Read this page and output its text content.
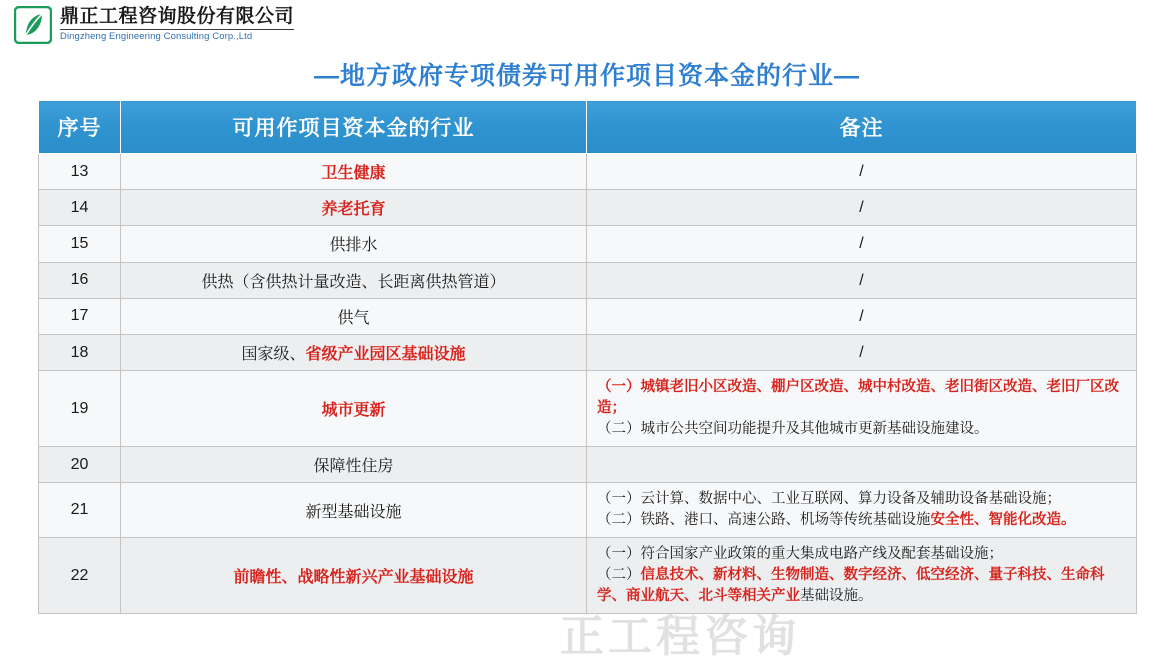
鼎正工程咨询股份有限公司
Dingzheng Engineering Consulting Corp.,Ltd
—地方政府专项债券可用作项目资本金的行业—
序号	可用作项目资本金的行业	备注
13	卫生健康	/
14	养老托育	/
15	供排水	/
16	供热（含供热计量改造、长距离供热管道）	/
17	供气	/
18	国家级、省级产业园区基础设施	/
19	城市更新	（一）城镇老旧小区改造、棚户区改造、城中村改造、老旧街区改造、老旧厂区改造；
（二）城市公共空间功能提升及其他城市更新基础设施建设。

20	保障性住房	
21	新型基础设施	（一）云计算、数据中心、工业互联网、算力设备及辅助设备基础设施；
（二）铁路、港口、高速公路、机场等传统基础设施安全性、智能化改造。

22	前瞻性、战略性新兴产业基础设施	（一）符合国家产业政策的重大集成电路产线及配套基础设施；
（二）信息技术、新材料、生物制造、数字经济、低空经济、量子科技、生命科学、商业航天、北斗等相关产业基础设施。
正工程咨询
